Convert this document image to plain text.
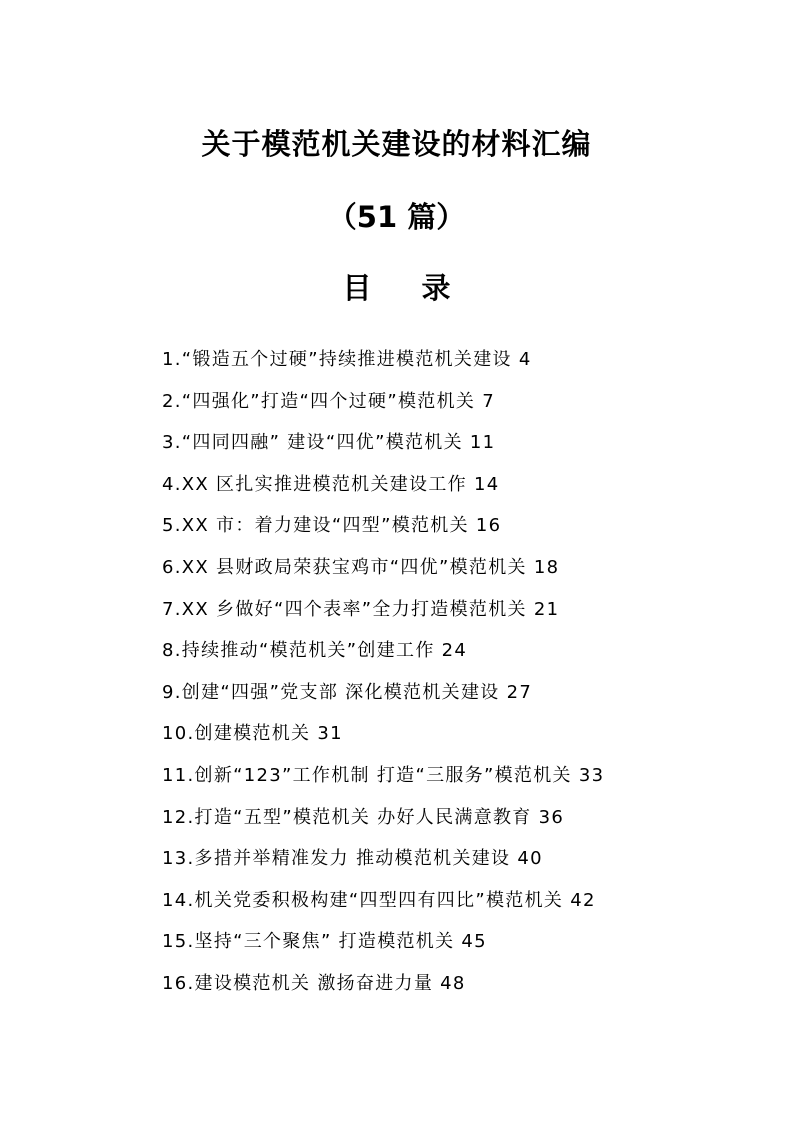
关于模范机关建设的材料汇编
（51 篇）
目 录
1.“锻造五个过硬”持续推进模范机关建设 4
2.“四强化”打造“四个过硬”模范机关 7
3.“四同四融” 建设“四优”模范机关 11
4.XX 区扎实推进模范机关建设工作 14
5.XX 市：着力建设“四型”模范机关 16
6.XX 县财政局荣获宝鸡市“四优”模范机关 18
7.XX 乡做好“四个表率”全力打造模范机关 21
8.持续推动“模范机关”创建工作 24
9.创建“四强”党支部 深化模范机关建设 27
10.创建模范机关 31
11.创新“123”工作机制 打造“三服务”模范机关 33
12.打造“五型”模范机关 办好人民满意教育 36
13.多措并举精准发力 推动模范机关建设 40
14.机关党委积极构建“四型四有四比”模范机关 42
15.坚持“三个聚焦” 打造模范机关 45
16.建设模范机关 激扬奋进力量 48
